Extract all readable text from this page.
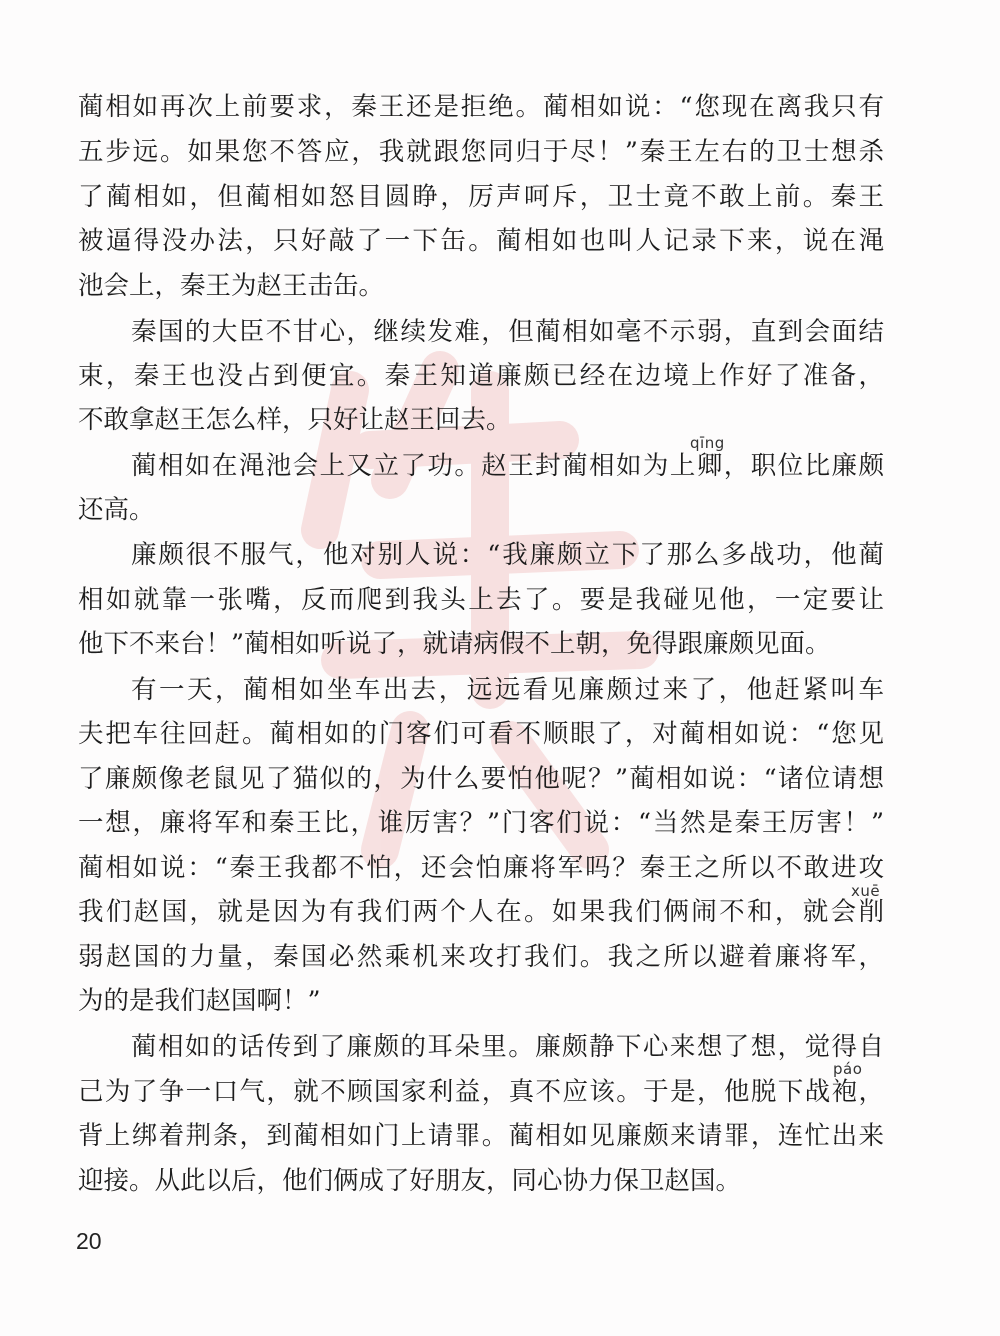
蔺相如再次上前要求，秦王还是拒绝。蔺相如说：“您现在离我只有
五步远。如果您不答应，我就跟您同归于尽！”秦王左右的卫士想杀
了蔺相如，但蔺相如怒目圆睁，厉声呵斥，卫士竟不敢上前。秦王
被逼得没办法，只好敲了一下缶。蔺相如也叫人记录下来，说在渑
池会上，秦王为赵王击缶。
秦国的大臣不甘心，继续发难，但蔺相如毫不示弱，直到会面结
束，秦王也没占到便宜。秦王知道廉颇已经在边境上作好了准备，
不敢拿赵王怎么样，只好让赵王回去。
qīng
蔺相如在渑池会上又立了功。赵王封蔺相如为上卿，职位比廉颇
还高。
廉颇很不服气，他对别人说：“我廉颇立下了那么多战功，他蔺
相如就靠一张嘴，反而爬到我头上去了。要是我碰见他，一定要让
他下不来台！”蔺相如听说了，就请病假不上朝，免得跟廉颇见面。
有一天，蔺相如坐车出去，远远看见廉颇过来了，他赶紧叫车
夫把车往回赶。蔺相如的门客们可看不顺眼了，对蔺相如说：“您见
了廉颇像老鼠见了猫似的，为什么要怕他呢？”蔺相如说：“诸位请想
一想，廉将军和秦王比，谁厉害？”门客们说：“当然是秦王厉害！”
蔺相如说：“秦王我都不怕，还会怕廉将军吗？秦王之所以不敢进攻
xuē
我们赵国，就是因为有我们两个人在。如果我们俩闹不和，就会削
弱赵国的力量，秦国必然乘机来攻打我们。我之所以避着廉将军，
为的是我们赵国啊！”
蔺相如的话传到了廉颇的耳朵里。廉颇静下心来想了想，觉得自
páo
己为了争一口气，就不顾国家利益，真不应该。于是，他脱下战袍，
背上绑着荆条，到蔺相如门上请罪。蔺相如见廉颇来请罪，连忙出来
迎接。从此以后，他们俩成了好朋友，同心协力保卫赵国。
20
